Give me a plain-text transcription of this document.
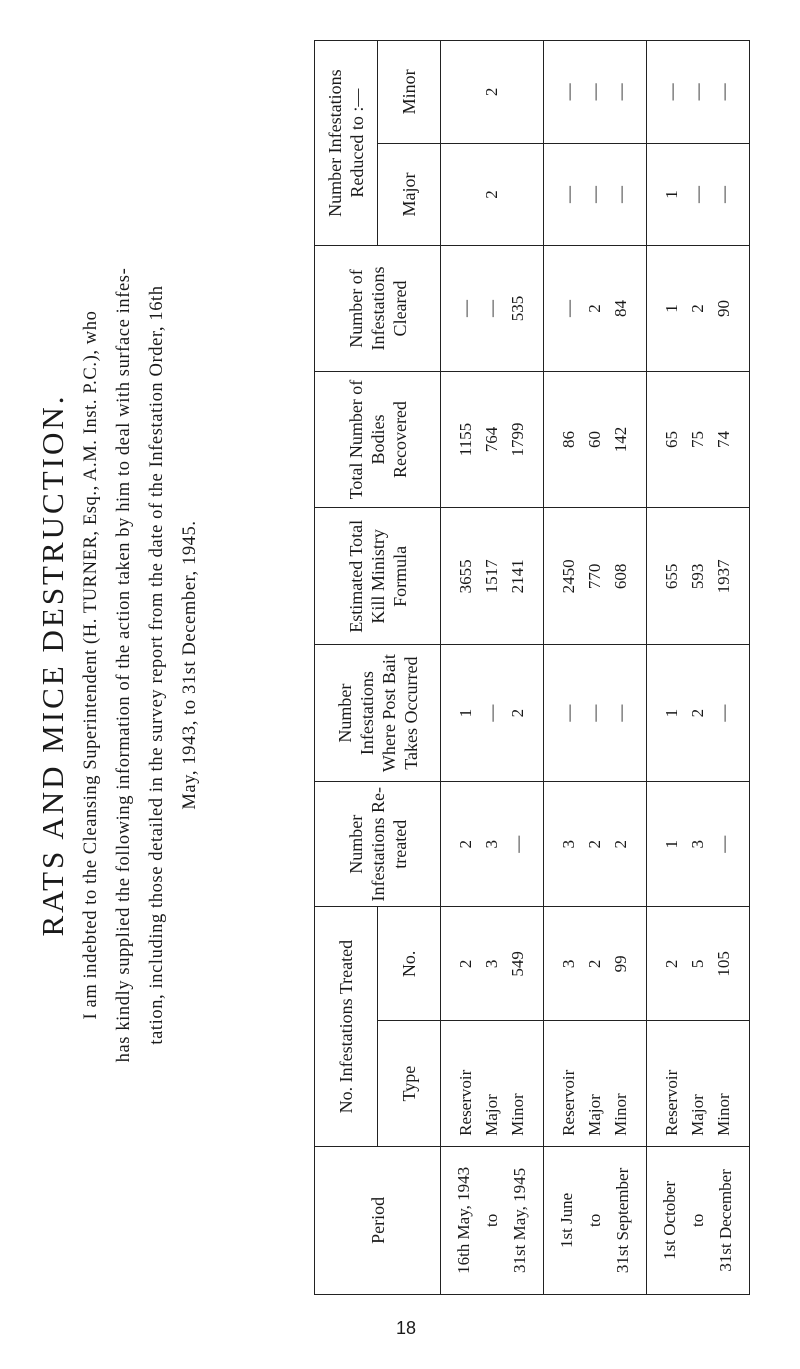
RATS AND MICE DESTRUCTION. I am indebted to the Cleansing Superintendent (H. TURNER, Esq., A.M. Inst. P.C.), who has kindly supplied the following information of the action taken by him to deal with surface infes- tation, including those detailed in the survey report from the date of the Infestation Order, 16th May, 1943, to 31st December, 1945.
Period	No. Infestations Treated		Number Infestations Re-treated	Number Infestations Where Post Bait Takes Occurred	Estimated Total Kill Ministry Formula	Total Number of Bodies Recovered	Number of Infestations Cleared	Number Infestations Reduced to :—	
	Type	No.						Major	Minor

16th May, 1943 to 31st May, 1945	Reservoir Major Minor	2 3 549	2 3 —	1 — 2	3655 1517 2141	1155 764 1799	— — 535	2	2

1st June to 31st September	Reservoir Major Minor	3 2 99	3 2 2	— — —	2450 770 608	86 60 142	— 2 84	— — —	— — —

1st October to 31st December	Reservoir Major Minor	2 5 105	1 3 —	1 2 —	655 593 1937	65 75 74	1 2 90	1 — —	— — —
18
